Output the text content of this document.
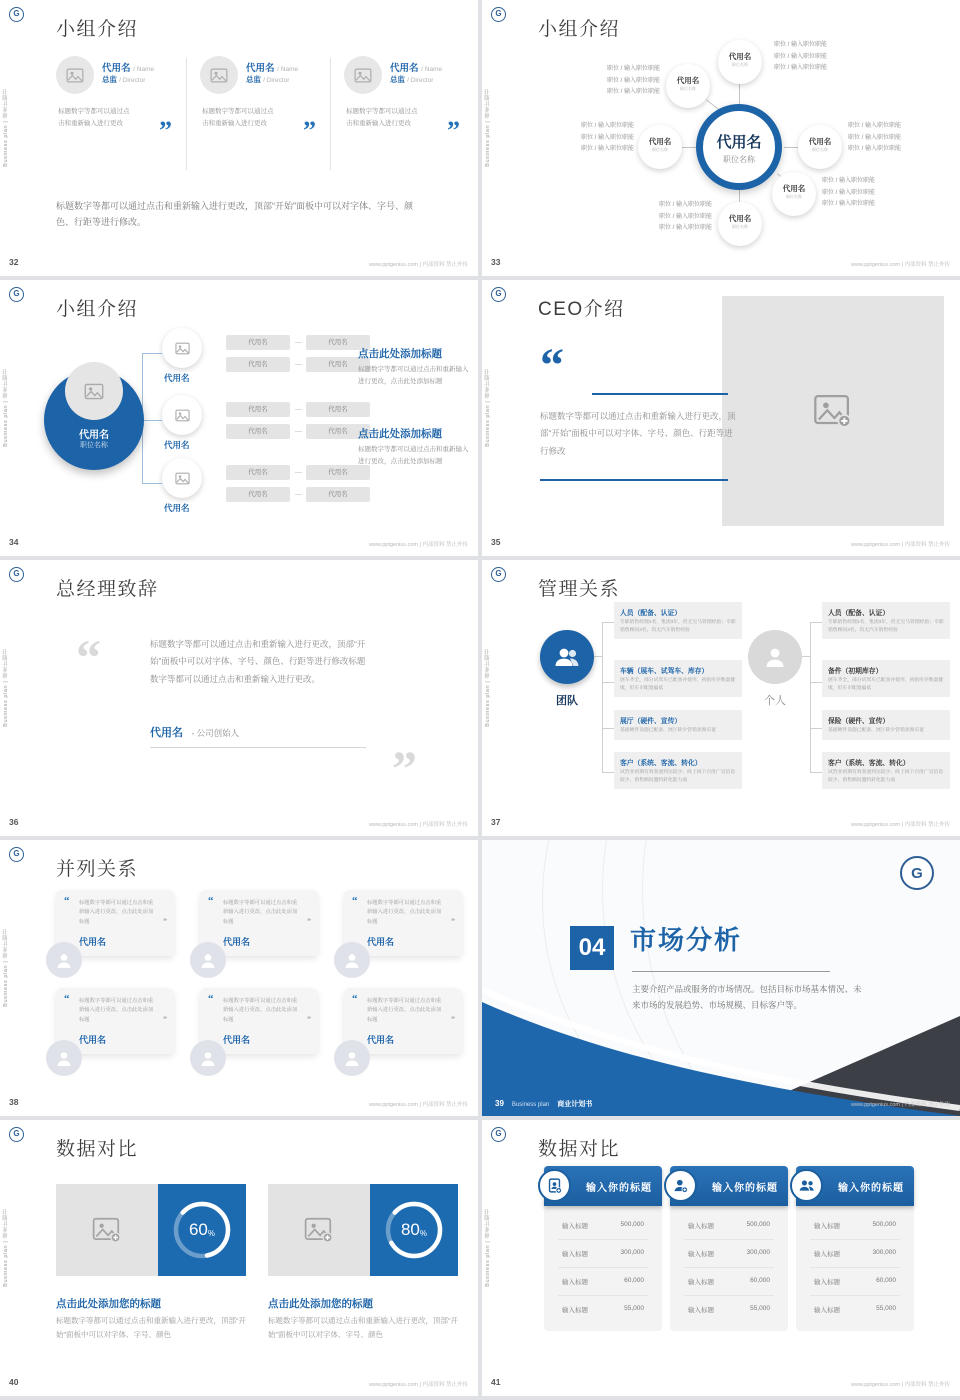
G
Business plan | 商业计划书
小组介绍
代用名 / Name
总监 / Director
标题数字等都可以通过点击和重新输入进行更改	”
代用名 / Name
总监 / Director
标题数字等都可以通过点击和重新输入进行更改	”
代用名 / Name
总监 / Director
标题数字等都可以通过点击和重新输入进行更改	”

标题数字等都可以通过点击和重新输入进行更改，顶部“开始”面板中可以对字体、字号、颜色、行距等进行修改。

32	www.pptgenius.com | 内部资料 禁止外传
G
Business plan | 商业计划书
小组介绍
代用名
职位名称
代用名
职位名称
代用名
职位名称
代用名
职位名称
代用名
职位名称
代用名
职位名称
代用名
职位名称
职位 / 输入职位职能
职位 / 输入职位职能
职位 / 输入职位职能
职位 / 输入职位职能
职位 / 输入职位职能
职位 / 输入职位职能
职位 / 输入职位职能
职位 / 输入职位职能
职位 / 输入职位职能
职位 / 输入职位职能
职位 / 输入职位职能
职位 / 输入职位职能
职位 / 输入职位职能
职位 / 输入职位职能
职位 / 输入职位职能
职位 / 输入职位职能
职位 / 输入职位职能
职位 / 输入职位职能
33	www.pptgenius.com | 内部资料 禁止外传
G
Business plan | 商业计划书
小组介绍
代用名
职位名称
代用名
代用名	—	代用名
代用名	—	代用名
代用名
代用名	—	代用名
代用名	—	代用名
代用名
代用名	—	代用名
代用名	—	代用名
点击此处添加标题
标题数字等都可以通过点击和重新输入进行更改，点击此处添加标题
点击此处添加标题
标题数字等都可以通过点击和重新输入进行更改，点击此处添加标题
34	www.pptgenius.com | 内部资料 禁止外传
G
Business plan | 商业计划书
CEO介绍
“

标题数字等都可以通过点击和重新输入进行更改，顶部“开始”面板中可以对字体、字号、颜色、行距等进行修改

35	www.pptgenius.com | 内部资料 禁止外传
G
Business plan | 商业计划书
总经理致辞
“	标题数字等都可以通过点击和重新输入进行更改，顶部“开始”面板中可以对字体、字号、颜色、行距等进行修改标题数字等都可以通过点击和重新输入进行更改。

代用名 - 公司创始人
”
36	www.pptgenius.com | 内部资料 禁止外传
G
Business plan | 商业计划书
管理关系
团队
人员（配备、认证）
专职销售经理1名，集团3年，但无宝马管理经验；专职销售顾问4名，均无汽车销售经验
车辆（展车、试驾车、库存）
展车齐全，部分试驾车已配备并使用，初始库存数量健康，但车市配置偏低
展厅（硬件、宣传）
基础硬件设施已配备，展厅缺少营销氛围布置
客户（系统、客流、转化）
试营业初期有效客流到达较少，线上线下百度广宣信息较少，销售顾问邀约转化能力弱
个人
人员（配备、认证）
专职销售经理1名，集团3年，但无宝马管理经验；专职销售顾问4名，均无汽车销售经验
备件（初期库存）
展车齐全，部分试驾车已配备并使用，初始库存数量健康，但车市配置偏低
保险（硬件、宣传）
基础硬件设施已配备，展厅缺少营销氛围布置
客户（系统、客流、转化）
试营业初期有效客流到达较少，线上线下百度广宣信息较少，销售顾问邀约转化能力弱
37	www.pptgenius.com | 内部资料 禁止外传
G
Business plan | 商业计划书
并列关系
“ 标题数字等都可以通过点击和重新输入进行更改，点击此处添加标题	”
代用名
“ 标题数字等都可以通过点击和重新输入进行更改，点击此处添加标题	”
代用名
“ 标题数字等都可以通过点击和重新输入进行更改，点击此处添加标题	”
代用名
“ 标题数字等都可以通过点击和重新输入进行更改，点击此处添加标题	”
代用名
“ 标题数字等都可以通过点击和重新输入进行更改，点击此处添加标题	”
代用名
“ 标题数字等都可以通过点击和重新输入进行更改，点击此处添加标题	”
代用名
38	www.pptgenius.com | 内部资料 禁止外传
04 市场分析

主要介绍产品或服务的市场情况。包括目标市场基本情况、未来市场的发展趋势、市场规模、目标客户等。

G
39 Business plan 商业计划书	www.pptgenius.com | 内部资料 禁止外传
G
Business plan | 商业计划书
数据对比
60 %
点击此处添加您的标题
标题数字等都可以通过点击和重新输入进行更改，顶部“开始”面板中可以对字体、字号、颜色
80 %
点击此处添加您的标题
标题数字等都可以通过点击和重新输入进行更改，顶部“开始”面板中可以对字体、字号、颜色
40	www.pptgenius.com | 内部资料 禁止外传
G
Business plan | 商业计划书
数据对比
输入你的标题
输入标题	500,000
输入标题	300,000
输入标题	60,000
输入标题	55,000
输入你的标题
输入标题	500,000
输入标题	300,000
输入标题	60,000
输入标题	55,000
输入你的标题
输入标题	500,000
输入标题	300,000
输入标题	60,000
输入标题	55,000
41	www.pptgenius.com | 内部资料 禁止外传
